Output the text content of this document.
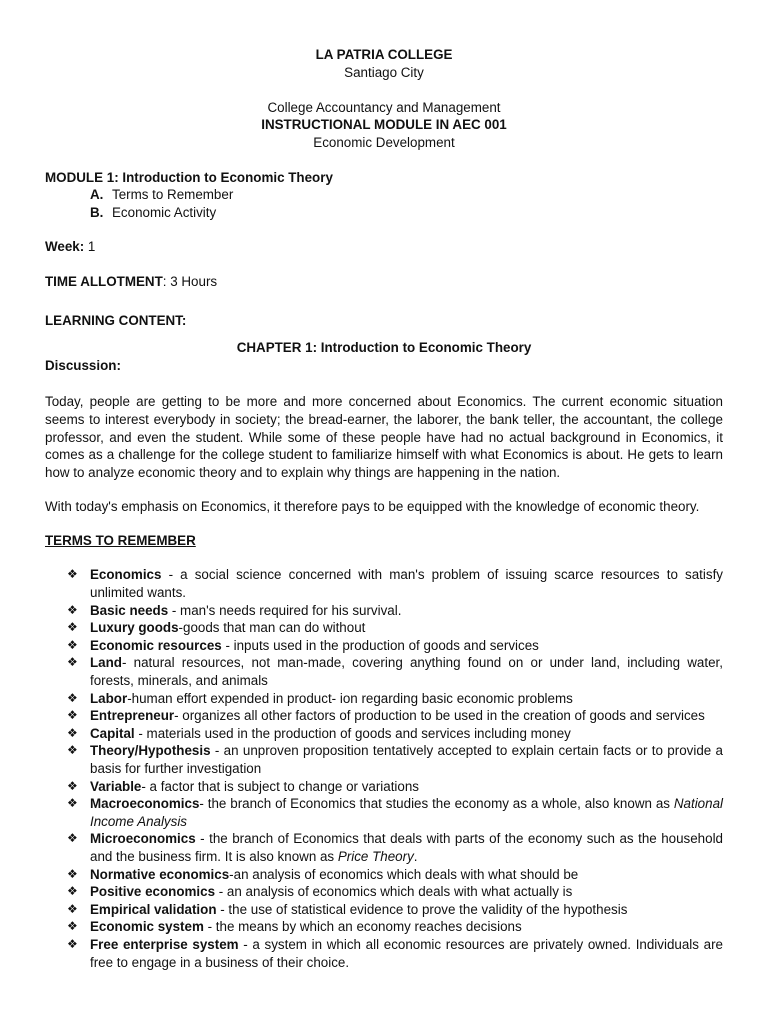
LA PATRIA COLLEGE
Santiago City
College Accountancy and Management
INSTRUCTIONAL MODULE IN AEC 001
Economic Development
MODULE 1: Introduction to Economic Theory
A. Terms to Remember
B. Economic Activity
Week: 1
TIME ALLOTMENT: 3 Hours
LEARNING CONTENT:
CHAPTER 1: Introduction to Economic Theory
Discussion:

Today, people are getting to be more and more concerned about Economics. The current economic situation seems to interest everybody in society; the bread-earner, the laborer, the bank teller, the accountant, the college professor, and even the student. While some of these people have had no actual background in Economics, it comes as a challenge for the college student to familiarize himself with what Economics is about. He gets to learn how to analyze economic theory and to explain why things are happening in the nation.

With today's emphasis on Economics, it therefore pays to be equipped with the knowledge of economic theory.

TERMS TO REMEMBER
❖ Economics - a social science concerned with man's problem of issuing scarce resources to satisfy unlimited wants.
❖ Basic needs - man's needs required for his survival.
❖ Luxury goods-goods that man can do without
❖ Economic resources - inputs used in the production of goods and services
❖ Land- natural resources, not man-made, covering anything found on or under land, including water, forests, minerals, and animals
❖ Labor-human effort expended in product- ion regarding basic economic problems
❖ Entrepreneur- organizes all other factors of production to be used in the creation of goods and services
❖ Capital - materials used in the production of goods and services including money
❖ Theory/Hypothesis - an unproven proposition tentatively accepted to explain certain facts or to provide a basis for further investigation
❖ Variable- a factor that is subject to change or variations
❖ Macroeconomics- the branch of Economics that studies the economy as a whole, also known as National Income Analysis
❖ Microeconomics - the branch of Economics that deals with parts of the economy such as the household and the business firm. It is also known as Price Theory.
❖ Normative economics-an analysis of economics which deals with what should be
❖ Positive economics - an analysis of economics which deals with what actually is
❖ Empirical validation - the use of statistical evidence to prove the validity of the hypothesis
❖ Economic system - the means by which an economy reaches decisions
❖ Free enterprise system - a system in which all economic resources are privately owned. Individuals are free to engage in a business of their choice.
